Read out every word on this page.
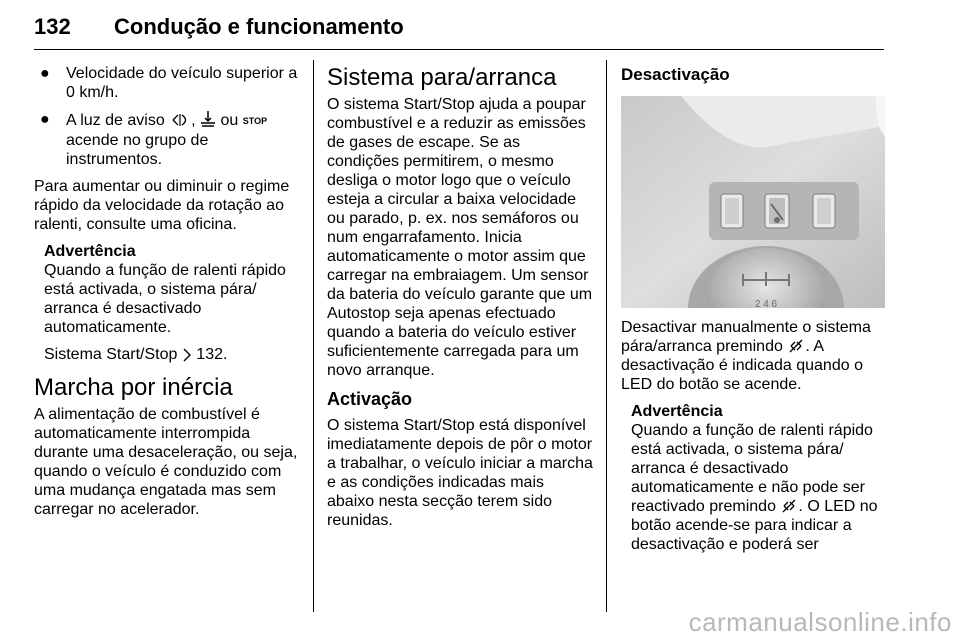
132 Condução e funcionamento
● Velocidade do veículo superior a 0 km/h.
● A luz de aviso ,  ou STOP
acende no grupo de instrumentos.

Para aumentar ou diminuir o regime rápido da velocidade da rotação ao ralenti, consulte uma oficina.

Advertência

Quando a função de ralenti rápido está activada, o sistema pára/ arranca é desactivado automaticamente.

Sistema Start/Stop  132.
Marcha por inércia

A alimentação de combustível é automaticamente interrompida durante uma desaceleração, ou seja, quando o veículo é conduzido com uma mudança engatada mas sem carregar no acelerador.

Sistema para/arranca

O sistema Start/Stop ajuda a poupar combustível e a reduzir as emissões de gases de escape. Se as condições permitirem, o mesmo desliga o motor logo que o veículo esteja a circular a baixa velocidade ou parado, p. ex. nos semáforos ou num engarrafamento. Inicia automaticamente o motor assim que carregar na embraiagem. Um sensor da bateria do veículo garante que um Autostop seja apenas efectuado quando a bateria do veículo estiver suficientemente carregada para um novo arranque.

Activação

O sistema Start/Stop está disponível imediatamente depois de pôr o motor a trabalhar, o veículo iniciar a marcha e as condições indicadas mais abaixo nesta secção terem sido reunidas.

Desactivação
2 4 6

Desactivar manualmente o sistema pára/arranca premindo . A desactivação é indicada quando o LED do botão se acende.

Advertência

Quando a função de ralenti rápido está activada, o sistema pára/ arranca é desactivado automaticamente e não pode ser reactivado premindo . O LED no botão acende-se para indicar a desactivação e poderá ser

carmanualsonline.info
